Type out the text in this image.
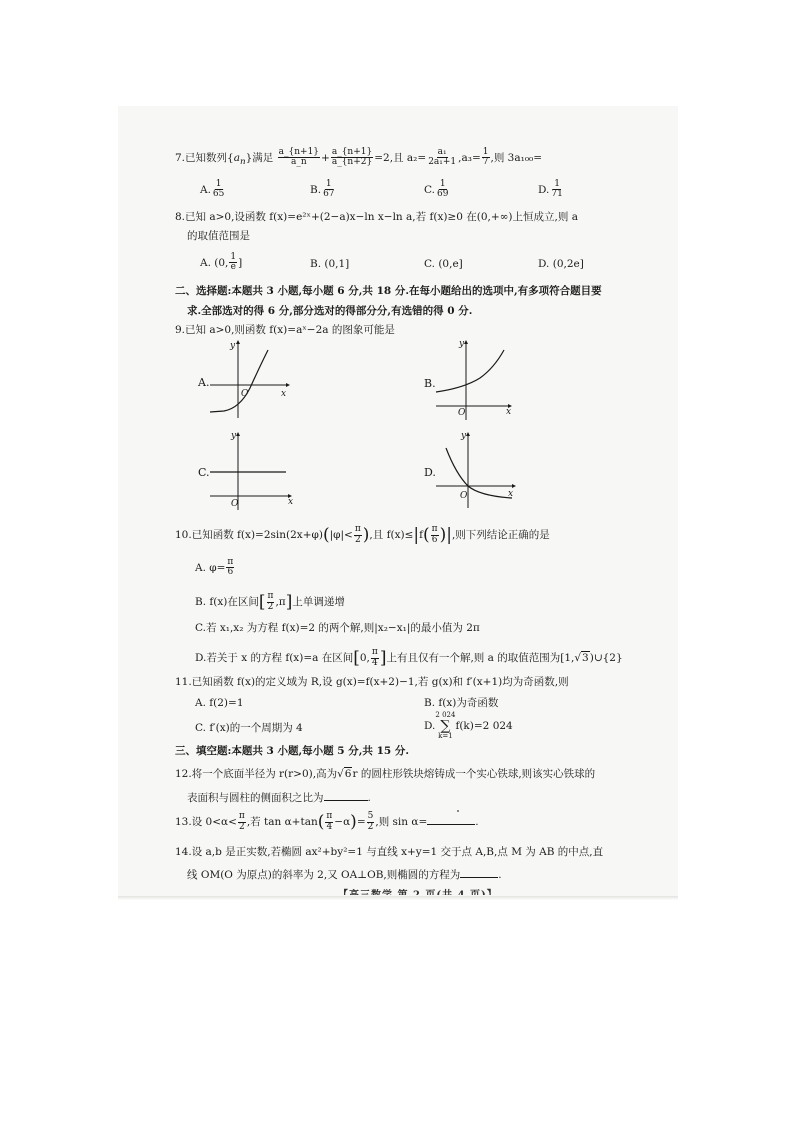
7.已知数列$\{a_n\}$满足 $\frac{a\_\{n+1\}}{a\_n} + \frac{a\_\{n+1\}}{a\_\{n+2\}} =2$,且 $a_2= \frac{\text{a₁}}{\text{2a₁+1}} ,a_3= \frac{1}{7}$ ,则 3a₁₀₀=
A. $\frac{1}{65}$	B. $\frac{1}{67}$	C. $\frac{1}{69}$	D. $\frac{1}{71}$
8.已知 a>0,设函数 f(x)=e²ˣ+(2−a)x−ln x−ln a,若 f(x)≥0 在(0,+∞)上恒成立,则 a
的取值范围是
A. (0, $\frac{1}{e}$ ]	B. (0,1]	C. (0,e]	D. (0,2e]
二、选择题:本题共 3 小题,每小题 6 分,共 18 分.在每小题给出的选项中,有多项符合题目要
求.全部选对的得 6 分,部分选对的得部分分,有选错的得 0 分.
9.已知 a>0,则函数 f(x)=aˣ−2a 的图象可能是
A.
y
x
O
B.
y
x
O
C.
y
x
O
D.
y
x
O
10.已知函数 $f(x)=2\sin(2x+\varphi)(|\varphi|< \frac{\pi}{2}$ ),且 $f(x)\le|f( \frac{\pi}{6}$ )|,则下列结论正确的是
A. $\varphi= \frac{\pi}{6}$
B. f(x)在区间[ $\frac{\pi}{2} ,\pi$]上单调递增
C.若 x₁,x₂ 为方程 f(x)=2 的两个解,则|x₂−x₁|的最小值为 2π
D.若关于 x 的方程 f(x)=a 在区间[0, $\frac{\pi}{4}$ ]上有且仅有一个解,则 a 的取值范围为[1,√3)∪{2}
11.已知函数 f(x)的定义域为 R,设 g(x)=f(x+2)−1,若 g(x)和 f′(x+1)均为奇函数,则
A. f(2)=1	B. f(x)为奇函数
C. f′(x)的一个周期为 4	D.
2 024
∑
k=1
f(k)=2 024
三、填空题:本题共 3 小题,每小题 5 分,共 15 分.
12.将一个底面半径为 r(r>0),高为√6r 的圆柱形铁块熔铸成一个实心铁球,则该实心铁球的
表面积与圆柱的侧面积之比为	.
13.设 $0<\alpha< \frac{\pi}{2}$ ,若 $\tan \alpha+\tan( \frac{\pi}{4} -\alpha)= \frac{5}{2}$ ,则 sin α=	.
14.设 a,b 是正实数,若椭圆 ax²+by²=1 与直线 x+y=1 交于点 A,B,点 M 为 AB 的中点,直
线 OM(O 为原点)的斜率为 2,又 OA⊥OB,则椭圆的方程为	.
